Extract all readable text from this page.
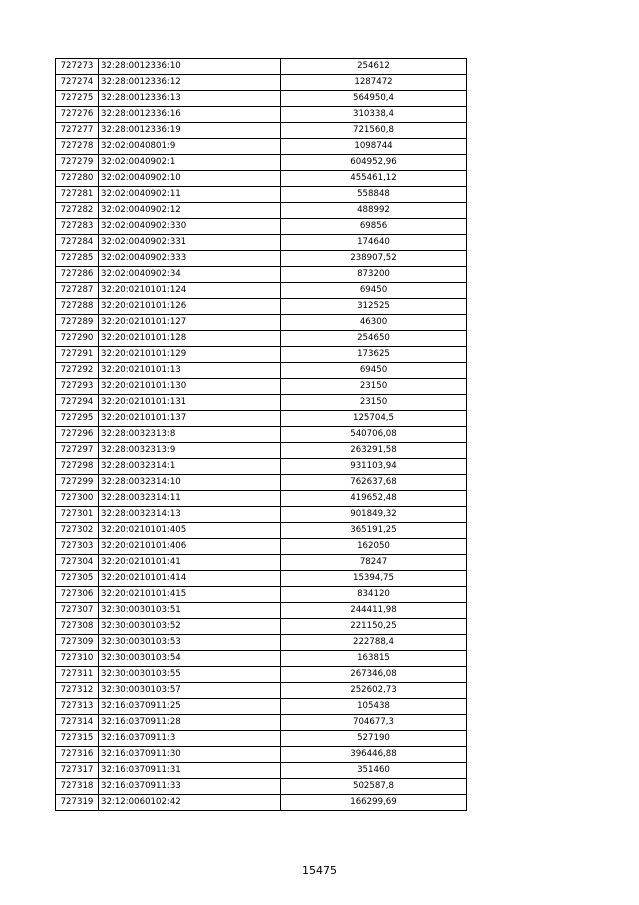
727273	32:28:0012336:10	254612
727274	32:28:0012336:12	1287472
727275	32:28:0012336:13	564950,4
727276	32:28:0012336:16	310338,4
727277	32:28:0012336:19	721560,8
727278	32:02:0040801:9	1098744
727279	32:02:0040902:1	604952,96
727280	32:02:0040902:10	455461,12
727281	32:02:0040902:11	558848
727282	32:02:0040902:12	488992
727283	32:02:0040902:330	69856
727284	32:02:0040902:331	174640
727285	32:02:0040902:333	238907,52
727286	32:02:0040902:34	873200
727287	32:20:0210101:124	69450
727288	32:20:0210101:126	312525
727289	32:20:0210101:127	46300
727290	32:20:0210101:128	254650
727291	32:20:0210101:129	173625
727292	32:20:0210101:13	69450
727293	32:20:0210101:130	23150
727294	32:20:0210101:131	23150
727295	32:20:0210101:137	125704,5
727296	32:28:0032313:8	540706,08
727297	32:28:0032313:9	263291,58
727298	32:28:0032314:1	931103,94
727299	32:28:0032314:10	762637,68
727300	32:28:0032314:11	419652,48
727301	32:28:0032314:13	901849,32
727302	32:20:0210101:405	365191,25
727303	32:20:0210101:406	162050
727304	32:20:0210101:41	78247
727305	32:20:0210101:414	15394,75
727306	32:20:0210101:415	834120
727307	32:30:0030103:51	244411,98
727308	32:30:0030103:52	221150,25
727309	32:30:0030103:53	222788,4
727310	32:30:0030103:54	163815
727311	32:30:0030103:55	267346,08
727312	32:30:0030103:57	252602,73
727313	32:16:0370911:25	105438
727314	32:16:0370911:28	704677,3
727315	32:16:0370911:3	527190
727316	32:16:0370911:30	396446,88
727317	32:16:0370911:31	351460
727318	32:16:0370911:33	502587,8
727319	32:12:0060102:42	166299,69
15475
